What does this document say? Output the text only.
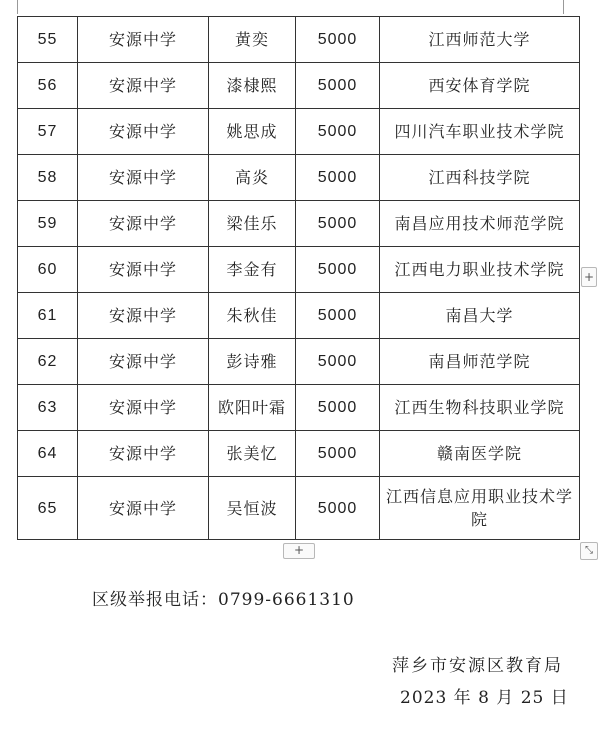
55	安源中学	黄奕	5000	江西师范大学
56	安源中学	漆棣熙	5000	西安体育学院
57	安源中学	姚思成	5000	四川汽车职业技术学院
58	安源中学	高炎	5000	江西科技学院
59	安源中学	梁佳乐	5000	南昌应用技术师范学院
60	安源中学	李金有	5000	江西电力职业技术学院
61	安源中学	朱秋佳	5000	南昌大学
62	安源中学	彭诗雅	5000	南昌师范学院
63	安源中学	欧阳叶霜	5000	江西生物科技职业学院
64	安源中学	张美忆	5000	赣南医学院
65	安源中学	吴恒波	5000	江西信息应用职业技术学院
+
+	⤡
区级举报电话：0799-6661310
萍乡市安源区教育局
2023 年 8 月 25 日
